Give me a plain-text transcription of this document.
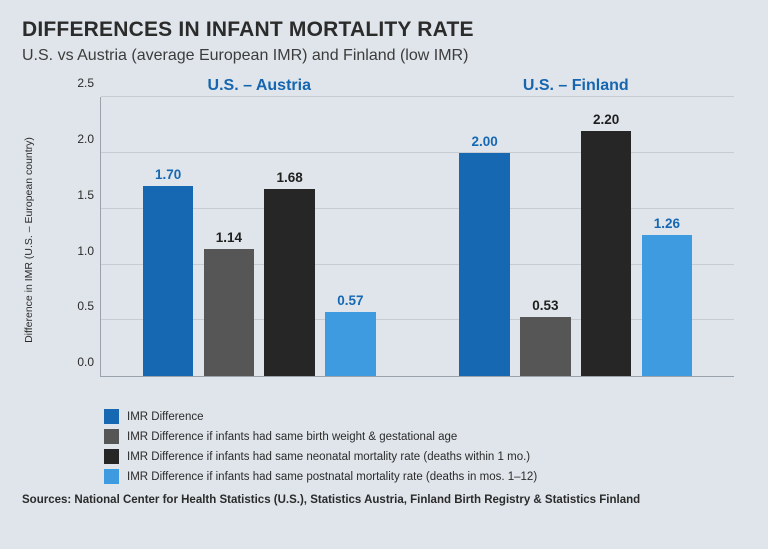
DIFFERENCES IN INFANT MORTALITY RATE
U.S. vs Austria (average European IMR) and Finland (low IMR)
Difference in IMR (U.S. – European country)
0.0
0.5
1.0
1.5
2.0
2.5	U.S. – Austria
1.70
1.14
1.68
0.57
U.S. – Finland
2.00
0.53
2.20
1.26
IMR Difference
IMR Difference if infants had same birth weight & gestational age
IMR Difference if infants had same neonatal mortality rate (deaths within 1 mo.)
IMR Difference if infants had same postnatal mortality rate (deaths in mos. 1–12)
Sources: National Center for Health Statistics (U.S.), Statistics Austria, Finland Birth Registry & Statistics Finland
